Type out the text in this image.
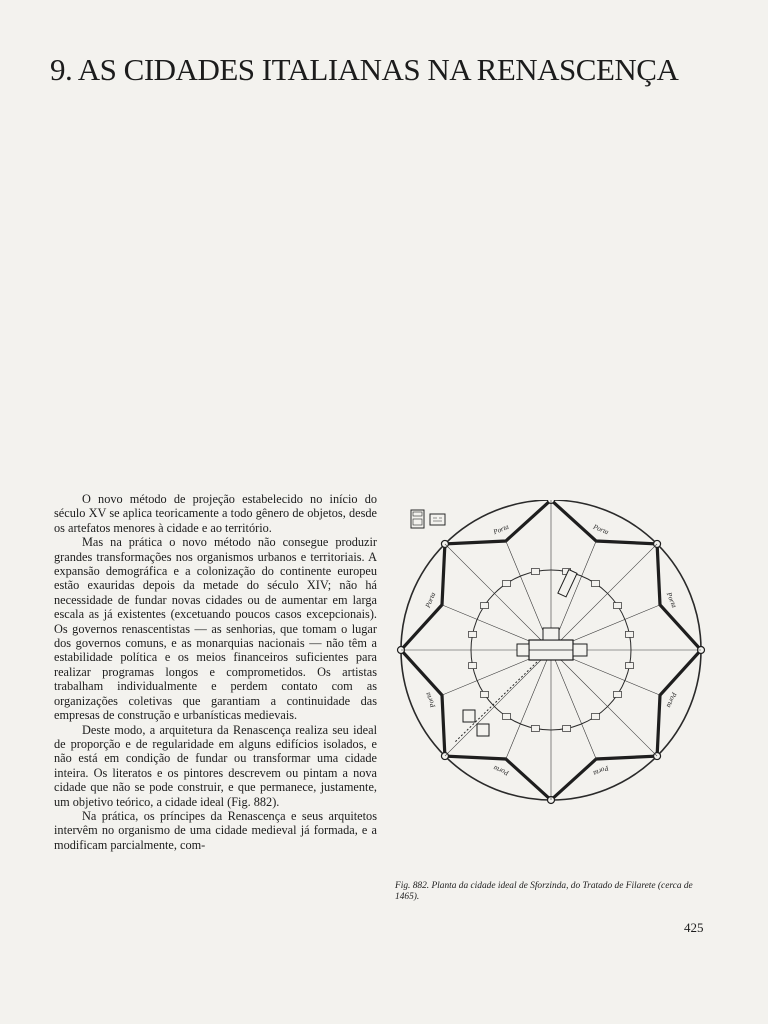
9. AS CIDADES ITALIANAS NA RENASCENÇA

O novo método de projeção estabelecido no início do século XV se aplica teoricamente a todo gênero de objetos, desde os artefatos menores à cidade e ao território.

Mas na prática o novo método não consegue produzir grandes transformações nos organismos urbanos e territoriais. A expansão demográfica e a colonização do continente europeu estão exauridas depois da metade do século XIV; não há necessidade de fundar novas cidades ou de aumentar em larga escala as já existentes (excetuando poucos casos excepcionais). Os governos renascentistas — as senhorias, que tomam o lugar dos governos comuns, e as monarquias nacionais — não têm a estabilidade política e os meios financeiros suficientes para realizar programas longos e comprometidos. Os artistas trabalham individualmente e perdem contato com as organizações coletivas que garantiam a continuidade das empresas de construção e urbanísticas medievais.

Deste modo, a arquitetura da Renascença realiza seu ideal de proporção e de regularidade em alguns edifícios isolados, e não está em condição de fundar ou transformar uma cidade inteira. Os literatos e os pintores descrevem ou pintam a nova cidade que não se pode construir, e que permanece, justamente, um objetivo teórico, a cidade ideal (Fig. 882).

Na prática, os príncipes da Renascença e seus arquitetos intervêm no organismo de uma cidade medieval já formada, e a modificam parcialmente, com-

Porta
Porta
Porta
Porta
Porta
Porta
Porta
Porta
Fig. 882. Planta da cidade ideal de Sforzinda, do Tratado de Filarete (cerca de 1465).
425
